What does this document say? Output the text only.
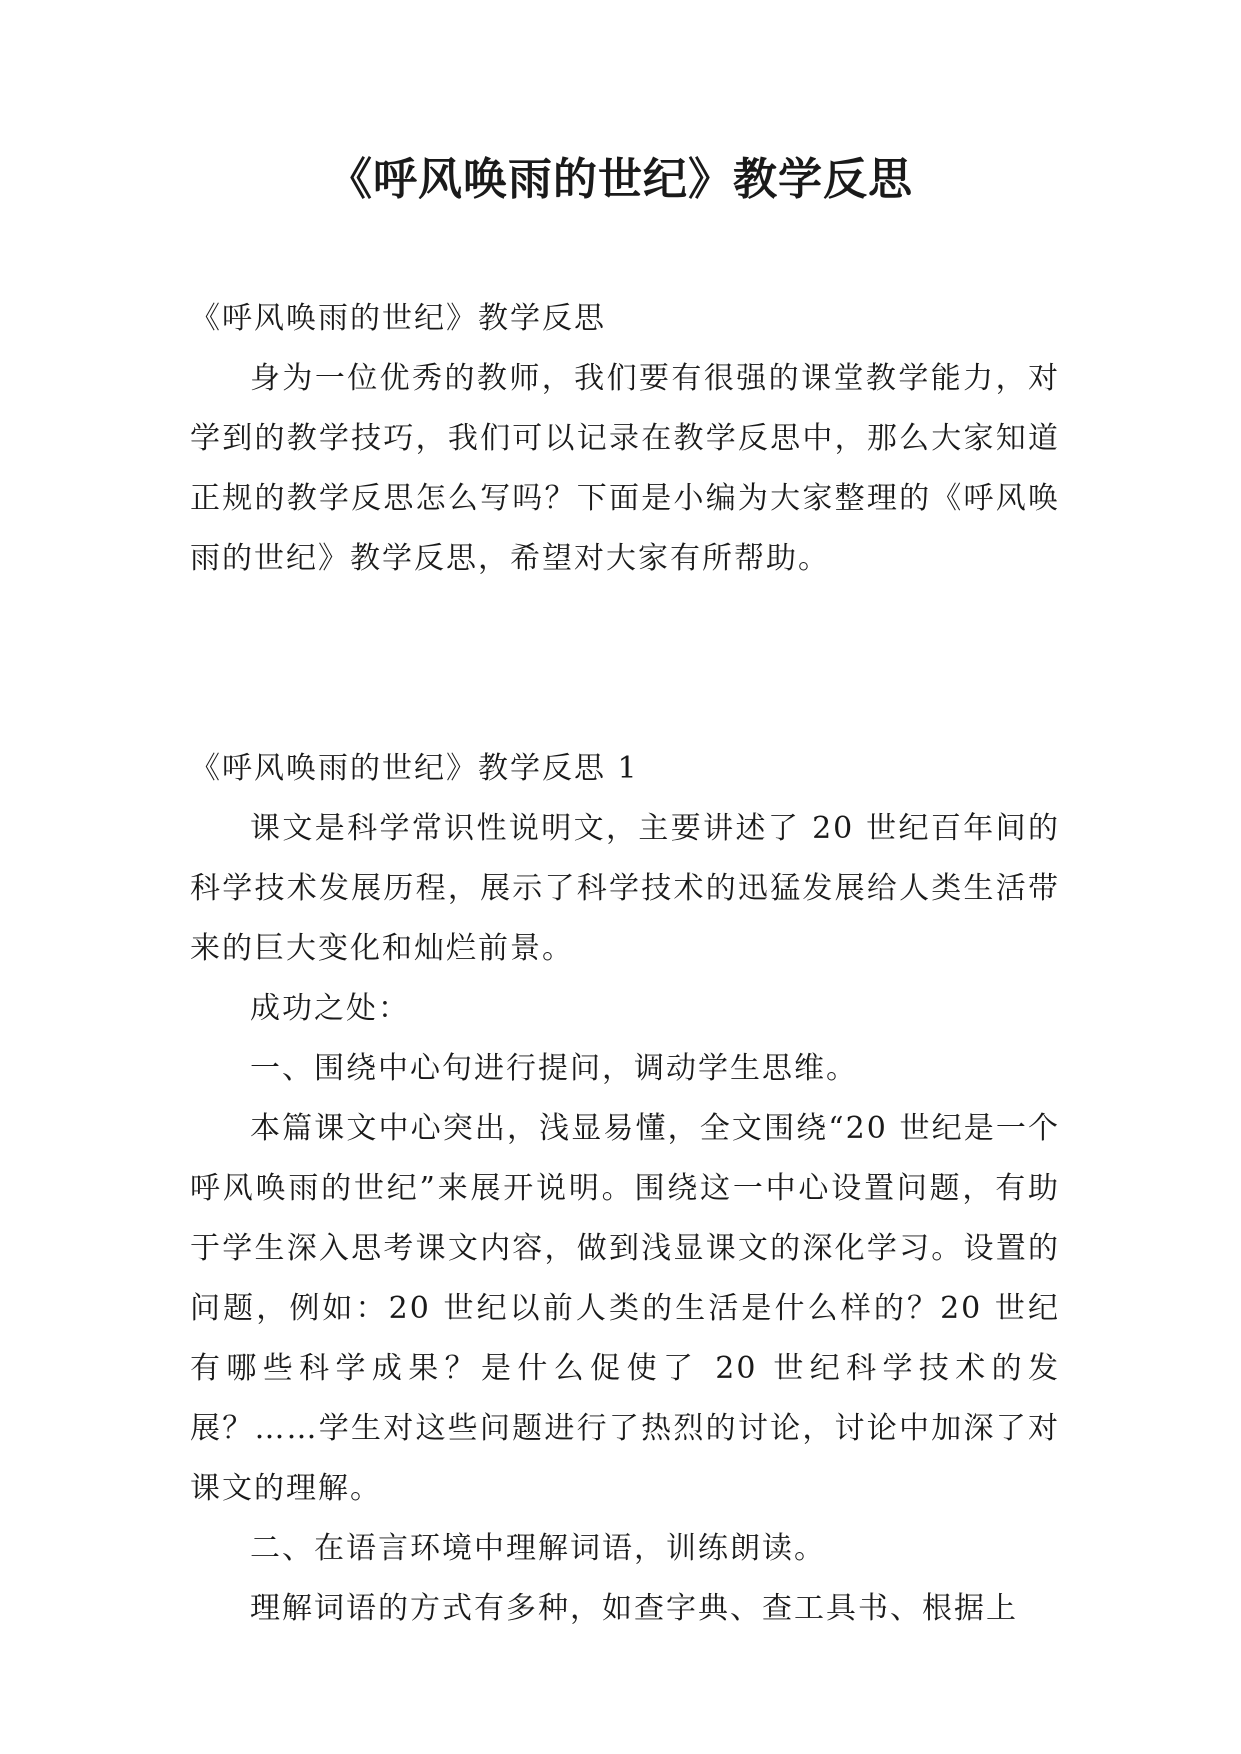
《呼风唤雨的世纪》教学反思

《呼风唤雨的世纪》教学反思

身为一位优秀的教师，我们要有很强的课堂教学能力，对学到的教学技巧，我们可以记录在教学反思中，那么大家知道正规的教学反思怎么写吗？下面是小编为大家整理的《呼风唤雨的世纪》教学反思，希望对大家有所帮助。

《呼风唤雨的世纪》教学反思 1

课文是科学常识性说明文，主要讲述了 20 世纪百年间的科学技术发展历程，展示了科学技术的迅猛发展给人类生活带来的巨大变化和灿烂前景。

成功之处：

一、围绕中心句进行提问，调动学生思维。

本篇课文中心突出，浅显易懂，全文围绕“20 世纪是一个呼风唤雨的世纪”来展开说明。围绕这一中心设置问题，有助于学生深入思考课文内容，做到浅显课文的深化学习。设置的问题，例如：20 世纪以前人类的生活是什么样的？20 世纪有哪些科学成果？是什么促使了 20 世纪科学技术的发展？……学生对这些问题进行了热烈的讨论，讨论中加深了对课文的理解。

二、在语言环境中理解词语，训练朗读。

理解词语的方式有多种，如查字典、查工具书、根据上
